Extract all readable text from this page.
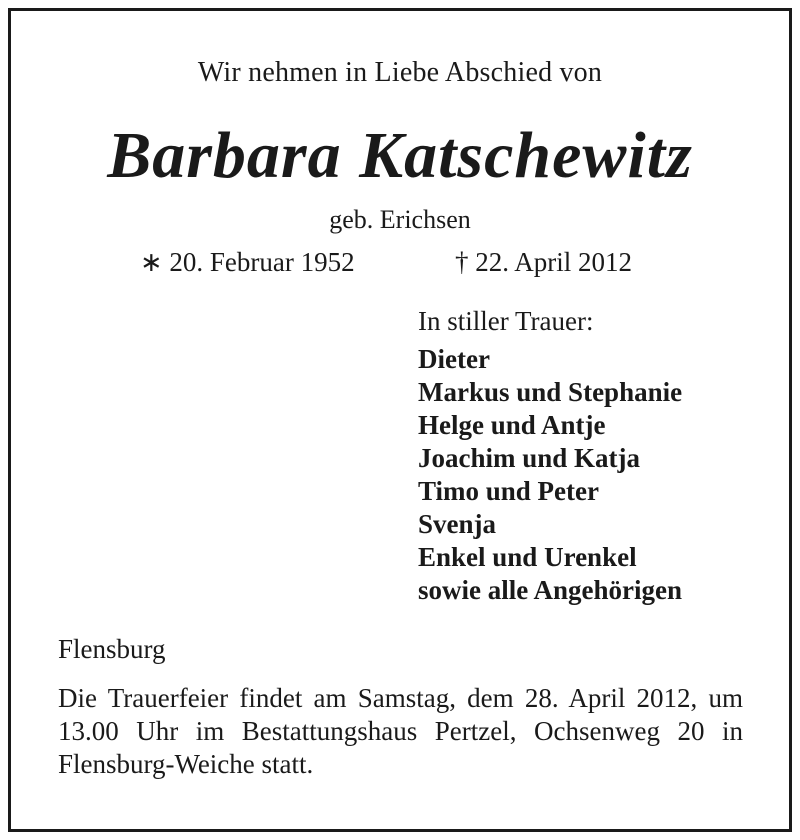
Wir nehmen in Liebe Abschied von
Barbara Katschewitz
geb. Erichsen
∗ 20. Februar 1952	† 22. April 2012
In stiller Trauer:
Dieter
Markus und Stephanie
Helge und Antje
Joachim und Katja
Timo und Peter
Svenja
Enkel und Urenkel
sowie alle Angehörigen
Flensburg

Die Trauerfeier findet am Samstag, dem 28. April 2012, um 13.00 Uhr im Bestattungshaus Pertzel, Ochsenweg 20 in Flensburg-Weiche statt.
